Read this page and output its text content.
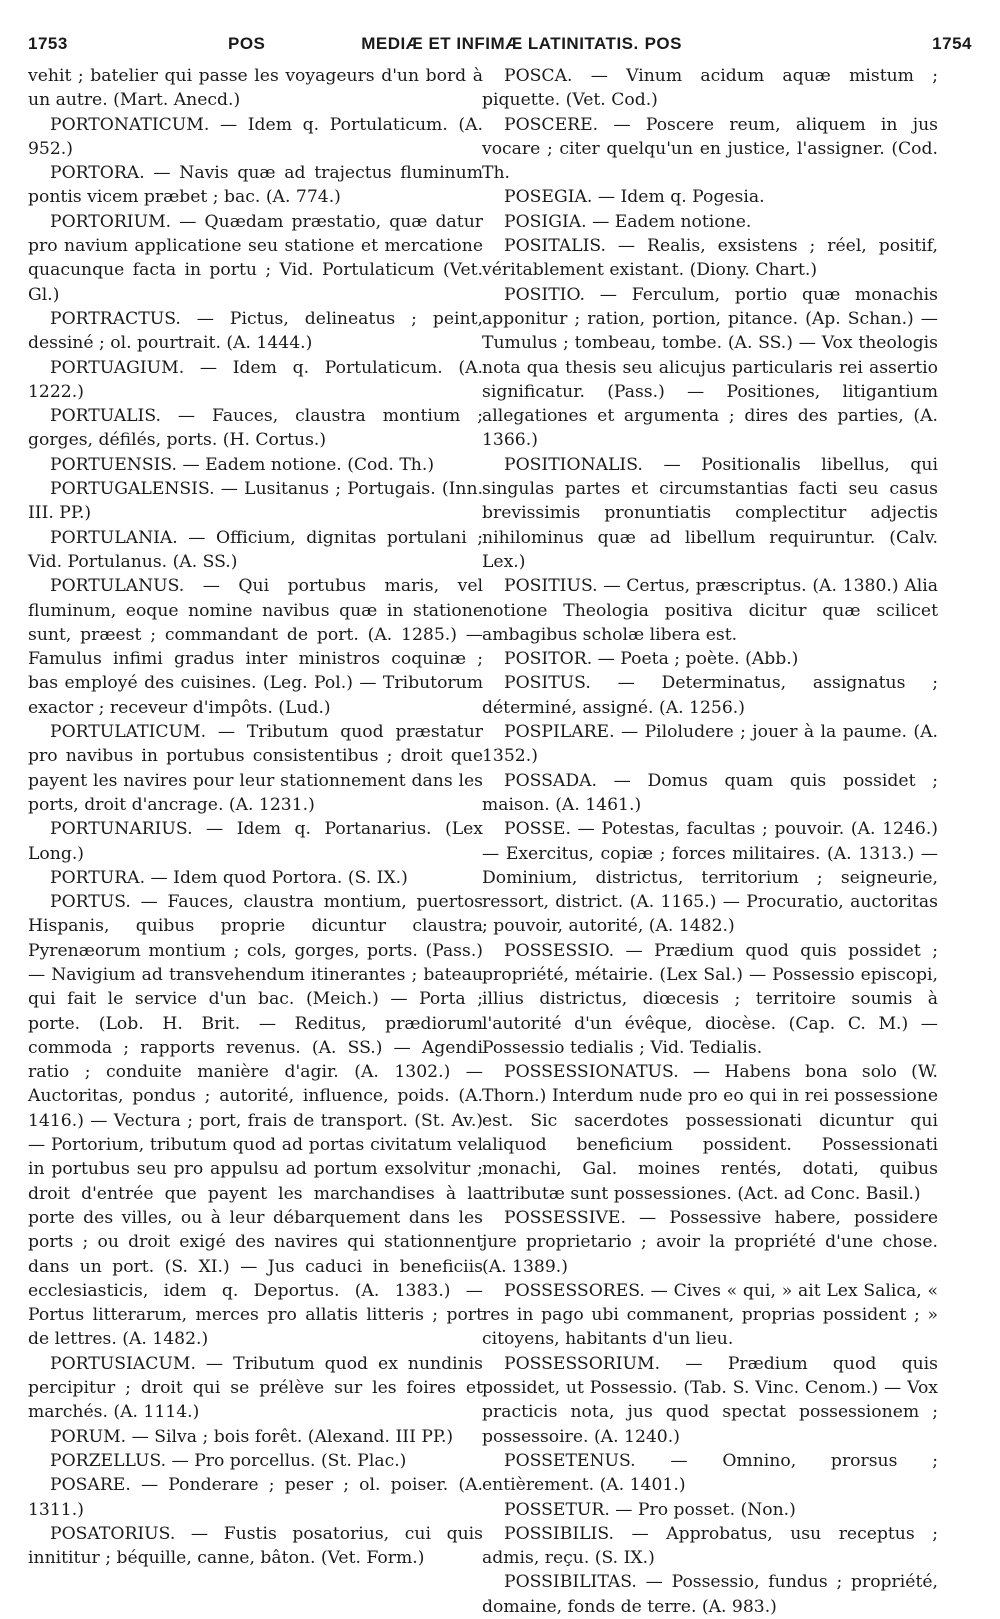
1753	POS	MEDIÆ ET INFIMÆ LATINITATIS. POS	1754

vehit ; batelier qui passe les voyageurs d'un bord à un autre. (Mart. Anecd.)

PORTONATICUM. — Idem q. Portulaticum. (A. 952.)

PORTORA. — Navis quæ ad trajectus fluminum pontis vicem præbet ; bac. (A. 774.)

PORTORIUM. — Quædam præstatio, quæ datur pro navium applicatione seu statione et mercatione quacunque facta in portu ; Vid. Portulaticum (Vet. Gl.)

PORTRACTUS. — Pictus, delineatus ; peint, dessiné ; ol. pourtrait. (A. 1444.)

PORTUAGIUM. — Idem q. Portulaticum. (A. 1222.)

PORTUALIS. — Fauces, claustra montium ; gorges, défilés, ports. (H. Cortus.)

PORTUENSIS. — Eadem notione. (Cod. Th.)

PORTUGALENSIS. — Lusitanus ; Portugais. (Inn. III. PP.)

PORTULANIA. — Officium, dignitas portulani ; Vid. Portulanus. (A. SS.)

PORTULANUS. — Qui portubus maris, vel fluminum, eoque nomine navibus quæ in statione sunt, præest ; commandant de port. (A. 1285.) — Famulus infimi gradus inter ministros coquinæ ; bas employé des cuisines. (Leg. Pol.) — Tributorum exactor ; receveur d'impôts. (Lud.)

PORTULATICUM. — Tributum quod præstatur pro navibus in portubus consistentibus ; droit que payent les navires pour leur stationnement dans les ports, droit d'ancrage. (A. 1231.)

PORTUNARIUS. — Idem q. Portanarius. (Lex Long.)

PORTURA. — Idem quod Portora. (S. IX.)

PORTUS. — Fauces, claustra montium, puertos Hispanis, quibus proprie dicuntur claustra Pyrenæorum montium ; cols, gorges, ports. (Pass.) — Navigium ad transvehendum itinerantes ; bateau qui fait le service d'un bac. (Meich.) — Porta ; porte. (Lob. H. Brit. — Reditus, prædiorum commoda ; rapports revenus. (A. SS.) — Agendi ratio ; conduite manière d'agir. (A. 1302.) — Auctoritas, pondus ; autorité, influence, poids. (A. 1416.) — Vectura ; port, frais de transport. (St. Av.) — Portorium, tributum quod ad portas civitatum vel in portubus seu pro appulsu ad portum exsolvitur ; droit d'entrée que payent les marchandises à la porte des villes, ou à leur débarquement dans les ports ; ou droit exigé des navires qui stationnent dans un port. (S. XI.) — Jus caduci in beneficiis ecclesiasticis, idem q. Deportus. (A. 1383.) — Portus litterarum, merces pro allatis litteris ; port de lettres. (A. 1482.)

PORTUSIACUM. — Tributum quod ex nundinis percipitur ; droit qui se prélève sur les foires et marchés. (A. 1114.)

PORUM. — Silva ; bois forêt. (Alexand. III PP.)

PORZELLUS. — Pro porcellus. (St. Plac.)

POSARE. — Ponderare ; peser ; ol. poiser. (A. 1311.)

POSATORIUS. — Fustis posatorius, cui quis innititur ; béquille, canne, bâton. (Vet. Form.)

POSCA. — Vinum acidum aquæ mistum ; piquette. (Vet. Cod.)

POSCERE. — Poscere reum, aliquem in jus vocare ; citer quelqu'un en justice, l'assigner. (Cod. Th.

POSEGIA. — Idem q. Pogesia.

POSIGIA. — Eadem notione.

POSITALIS. — Realis, exsistens ; réel, positif, véritablement existant. (Diony. Chart.)

POSITIO. — Ferculum, portio quæ monachis apponitur ; ration, portion, pitance. (Ap. Schan.) — Tumulus ; tombeau, tombe. (A. SS.) — Vox theologis nota qua thesis seu alicujus particularis rei assertio significatur. (Pass.) — Positiones, litigantium allegationes et argumenta ; dires des parties, (A. 1366.)

POSITIONALIS. — Positionalis libellus, qui singulas partes et circumstantias facti seu casus brevissimis pronuntiatis complectitur adjectis nihilominus quæ ad libellum requiruntur. (Calv. Lex.)

POSITIUS. — Certus, præscriptus. (A. 1380.) Alia notione Theologia positiva dicitur quæ scilicet ambagibus scholæ libera est.

POSITOR. — Poeta ; poète. (Abb.)

POSITUS. — Determinatus, assignatus ; déterminé, assigné. (A. 1256.)

POSPILARE. — Piloludere ; jouer à la paume. (A. 1352.)

POSSADA. — Domus quam quis possidet ; maison. (A. 1461.)

POSSE. — Potestas, facultas ; pouvoir. (A. 1246.) — Exercitus, copiæ ; forces militaires. (A. 1313.) — Dominium, districtus, territorium ; seigneurie, ressort, district. (A. 1165.) — Procuratio, auctoritas ; pouvoir, autorité, (A. 1482.)

POSSESSIO. — Prædium quod quis possidet ; propriété, métairie. (Lex Sal.) — Possessio episcopi, illius districtus, diœcesis ; territoire soumis à l'autorité d'un évêque, diocèse. (Cap. C. M.) — Possessio tedialis ; Vid. Tedialis.

POSSESSIONATUS. — Habens bona solo (W. Thorn.) Interdum nude pro eo qui in rei possessione est. Sic sacerdotes possessionati dicuntur qui aliquod beneficium possident. Possessionati monachi, Gal. moines rentés, dotati, quibus attributæ sunt possessiones. (Act. ad Conc. Basil.)

POSSESSIVE. — Possessive habere, possidere jure proprietario ; avoir la propriété d'une chose. (A. 1389.)

POSSESSORES. — Cives « qui, » ait Lex Salica, « res in pago ubi commanent, proprias possident ; » citoyens, habitants d'un lieu.

POSSESSORIUM. — Prædium quod quis possidet, ut Possessio. (Tab. S. Vinc. Cenom.) — Vox practicis nota, jus quod spectat possessionem ; possessoire. (A. 1240.)

POSSETENUS. — Omnino, prorsus ; entièrement. (A. 1401.)

POSSETUR. — Pro posset. (Non.)

POSSIBILIS. — Approbatus, usu receptus ; admis, reçu. (S. IX.)

POSSIBILITAS. — Possessio, fundus ; propriété, domaine, fonds de terre. (A. 983.)
